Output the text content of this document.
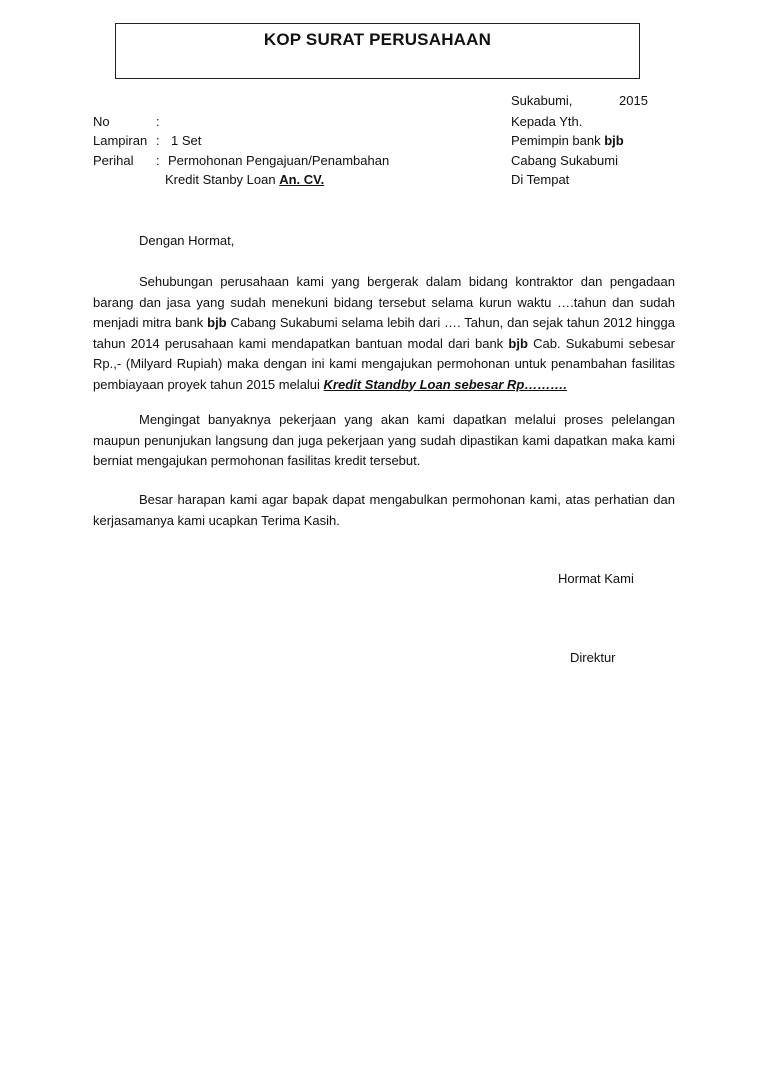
KOP SURAT PERUSAHAAN
Sukabumi,	2015
Kepada Yth.
Pemimpin bank bjb
Cabang Sukabumi
Di Tempat
No	:
Lampiran : 1 Set
Perihal : Permohonan Pengajuan/Penambahan
Kredit Stanby Loan An. CV.
Dengan Hormat,

Sehubungan perusahaan kami yang bergerak dalam bidang kontraktor dan pengadaan barang dan jasa yang sudah menekuni bidang tersebut selama kurun waktu ….tahun dan sudah menjadi mitra bank bjb Cabang Sukabumi selama lebih dari …. Tahun, dan sejak tahun 2012 hingga tahun 2014 perusahaan kami mendapatkan bantuan modal dari bank bjb Cab. Sukabumi sebesar Rp.,- (Milyard Rupiah) maka dengan ini kami mengajukan permohonan untuk penambahan fasilitas pembiayaan proyek tahun 2015 melalui Kredit Standby Loan sebesar Rp……….

Mengingat banyaknya pekerjaan yang akan kami dapatkan melalui proses pelelangan maupun penunjukan langsung dan juga pekerjaan yang sudah dipastikan kami dapatkan maka kami berniat mengajukan permohonan fasilitas kredit tersebut.

Besar harapan kami agar bapak dapat mengabulkan permohonan kami, atas perhatian dan kerjasamanya kami ucapkan Terima Kasih.

Hormat Kami
Direktur
